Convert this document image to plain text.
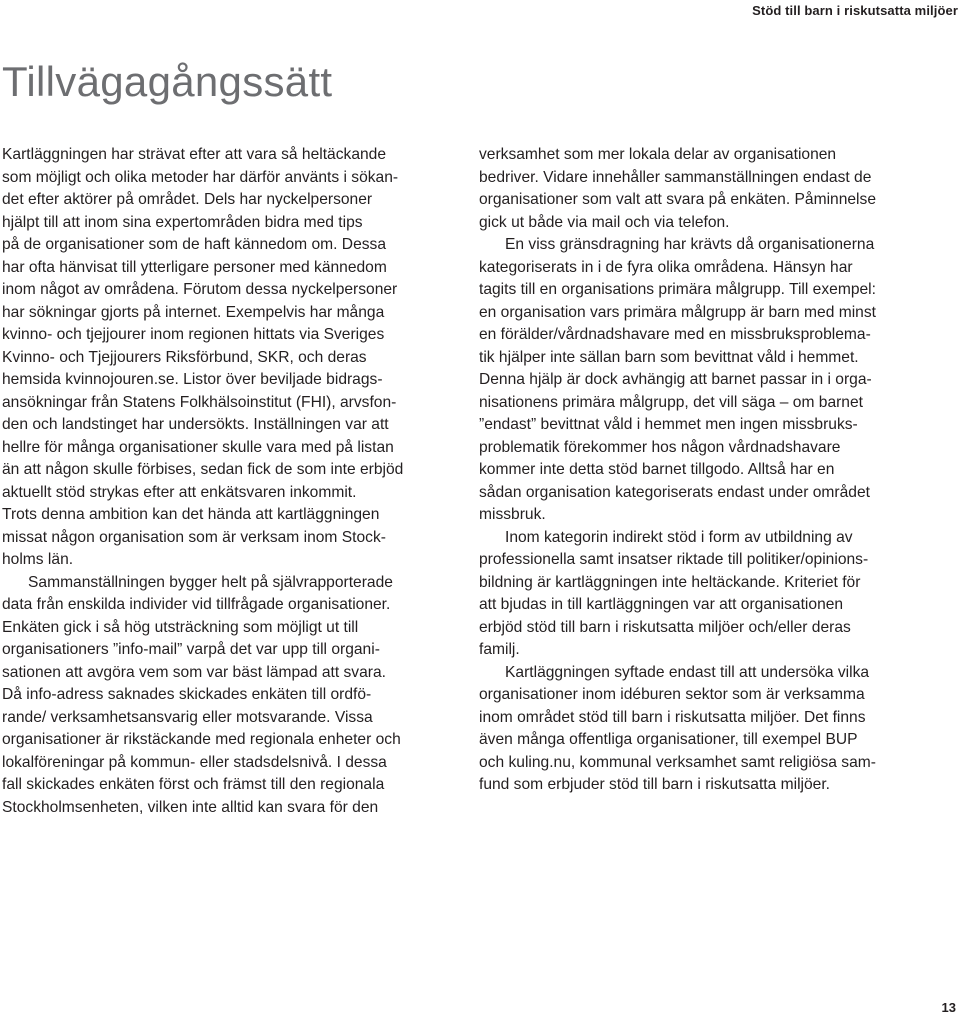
Stöd till barn i riskutsatta miljöer
Tillvägagångssätt

Kartläggningen har strävat efter att vara så heltäckande
som möjligt och olika metoder har därför använts i sökan-
det efter aktörer på området. Dels har nyckelpersoner
hjälpt till att inom sina expertområden bidra med tips
på de organisationer som de haft kännedom om. Dessa
har ofta hänvisat till ytterligare personer med kännedom
inom något av områdena. Förutom dessa nyckelpersoner
har sökningar gjorts på internet. Exempelvis har många
kvinno- och tjejjourer inom regionen hittats via Sveriges
Kvinno- och Tjejjourers Riksförbund, SKR, och deras
hemsida kvinnojouren.se. Listor över beviljade bidrags-
ansökningar från Statens Folkhälsoinstitut (FHI), arvsfon-
den och landstinget har undersökts. Inställningen var att
hellre för många organisationer skulle vara med på listan
än att någon skulle förbises, sedan fick de som inte erbjöd
aktuellt stöd strykas efter att enkätsvaren inkommit.
Trots denna ambition kan det hända att kartläggningen
missat någon organisation som är verksam inom Stock-
holms län.

Sammanställningen bygger helt på självrapporterade
data från enskilda individer vid tillfrågade organisationer.
Enkäten gick i så hög utsträckning som möjligt ut till
organisationers ”info-mail” varpå det var upp till organi-
sationen att avgöra vem som var bäst lämpad att svara.
Då info-adress saknades skickades enkäten till ordfö-
rande/ verksamhetsansvarig eller motsvarande. Vissa
organisationer är rikstäckande med regionala enheter och
lokalföreningar på kommun- eller stadsdelsnivå. I dessa
fall skickades enkäten först och främst till den regionala
Stockholmsenheten, vilken inte alltid kan svara för den

verksamhet som mer lokala delar av organisationen
bedriver. Vidare innehåller sammanställningen endast de
organisationer som valt att svara på enkäten. Påminnelse
gick ut både via mail och via telefon.

En viss gränsdragning har krävts då organisationerna
kategoriserats in i de fyra olika områdena. Hänsyn har
tagits till en organisations primära målgrupp. Till exempel:
en organisation vars primära målgrupp är barn med minst
en förälder/vårdnadshavare med en missbruksproblema-
tik hjälper inte sällan barn som bevittnat våld i hemmet.
Denna hjälp är dock avhängig att barnet passar in i orga-
nisationens primära målgrupp, det vill säga – om barnet
”endast” bevittnat våld i hemmet men ingen missbruks-
problematik förekommer hos någon vårdnadshavare
kommer inte detta stöd barnet tillgodo. Alltså har en
sådan organisation kategoriserats endast under området
missbruk.

Inom kategorin indirekt stöd i form av utbildning av
professionella samt insatser riktade till politiker/opinions-
bildning är kartläggningen inte heltäckande. Kriteriet för
att bjudas in till kartläggningen var att organisationen
erbjöd stöd till barn i riskutsatta miljöer och/eller deras
familj.

Kartläggningen syftade endast till att undersöka vilka
organisationer inom idéburen sektor som är verksamma
inom området stöd till barn i riskutsatta miljöer. Det finns
även många offentliga organisationer, till exempel BUP
och kuling.nu, kommunal verksamhet samt religiösa sam-
fund som erbjuder stöd till barn i riskutsatta miljöer.

13
